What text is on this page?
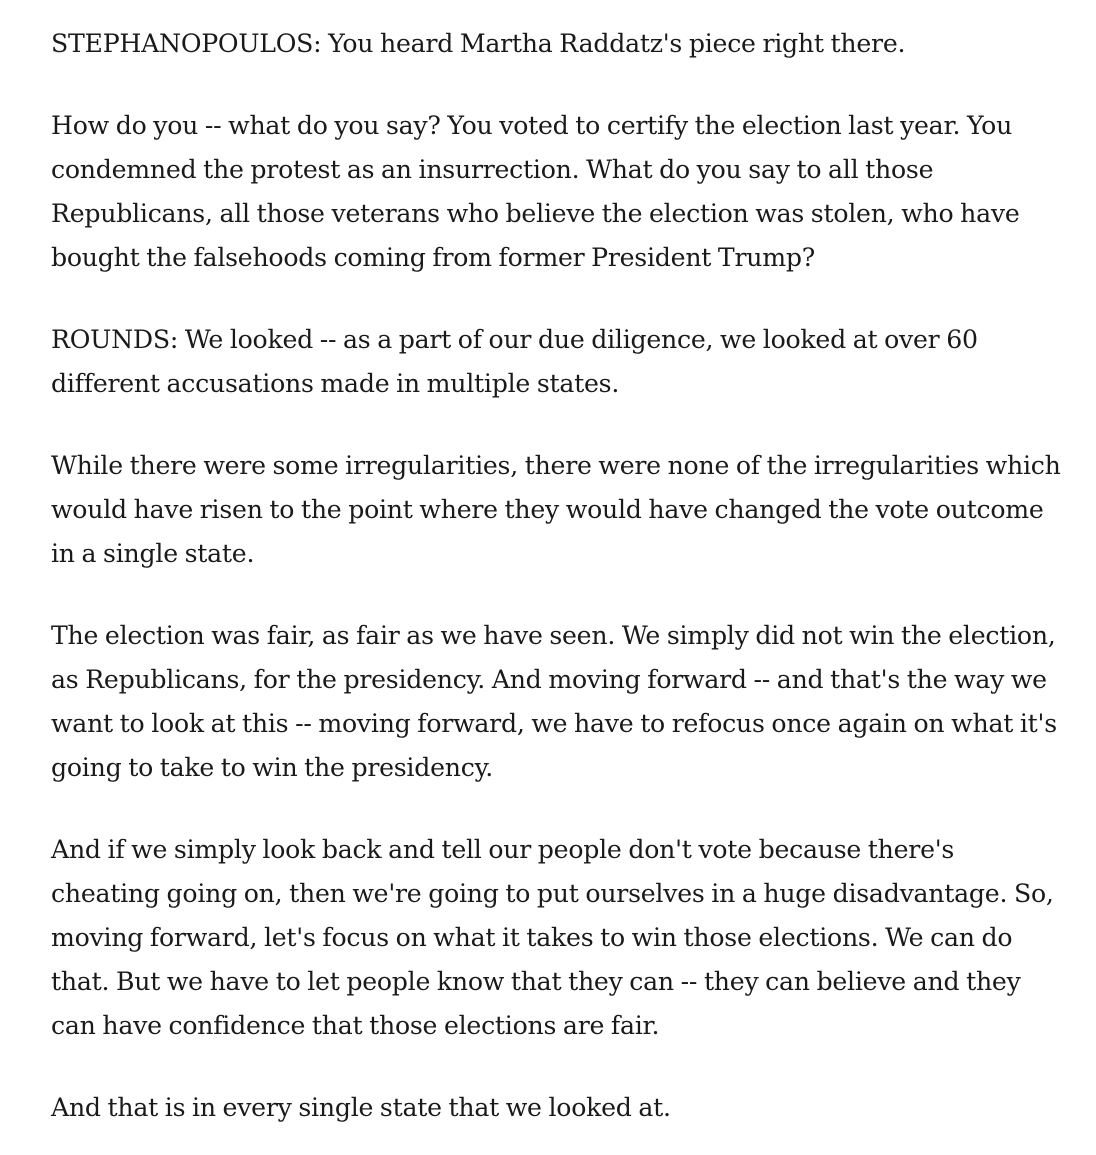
STEPHANOPOULOS: You heard Martha Raddatz's piece right there.

How do you -- what do you say? You voted to certify the election last year. You condemned the protest as an insurrection. What do you say to all those Republicans, all those veterans who believe the election was stolen, who have bought the falsehoods coming from former President Trump?

ROUNDS: We looked -- as a part of our due diligence, we looked at over 60 different accusations made in multiple states.

While there were some irregularities, there were none of the irregularities which would have risen to the point where they would have changed the vote outcome in a single state.

The election was fair, as fair as we have seen. We simply did not win the election, as Republicans, for the presidency. And moving forward -- and that's the way we want to look at this -- moving forward, we have to refocus once again on what it's going to take to win the presidency.

And if we simply look back and tell our people don't vote because there's cheating going on, then we're going to put ourselves in a huge disadvantage. So, moving forward, let's focus on what it takes to win those elections. We can do that. But we have to let people know that they can -- they can believe and they can have confidence that those elections are fair.

And that is in every single state that we looked at.
